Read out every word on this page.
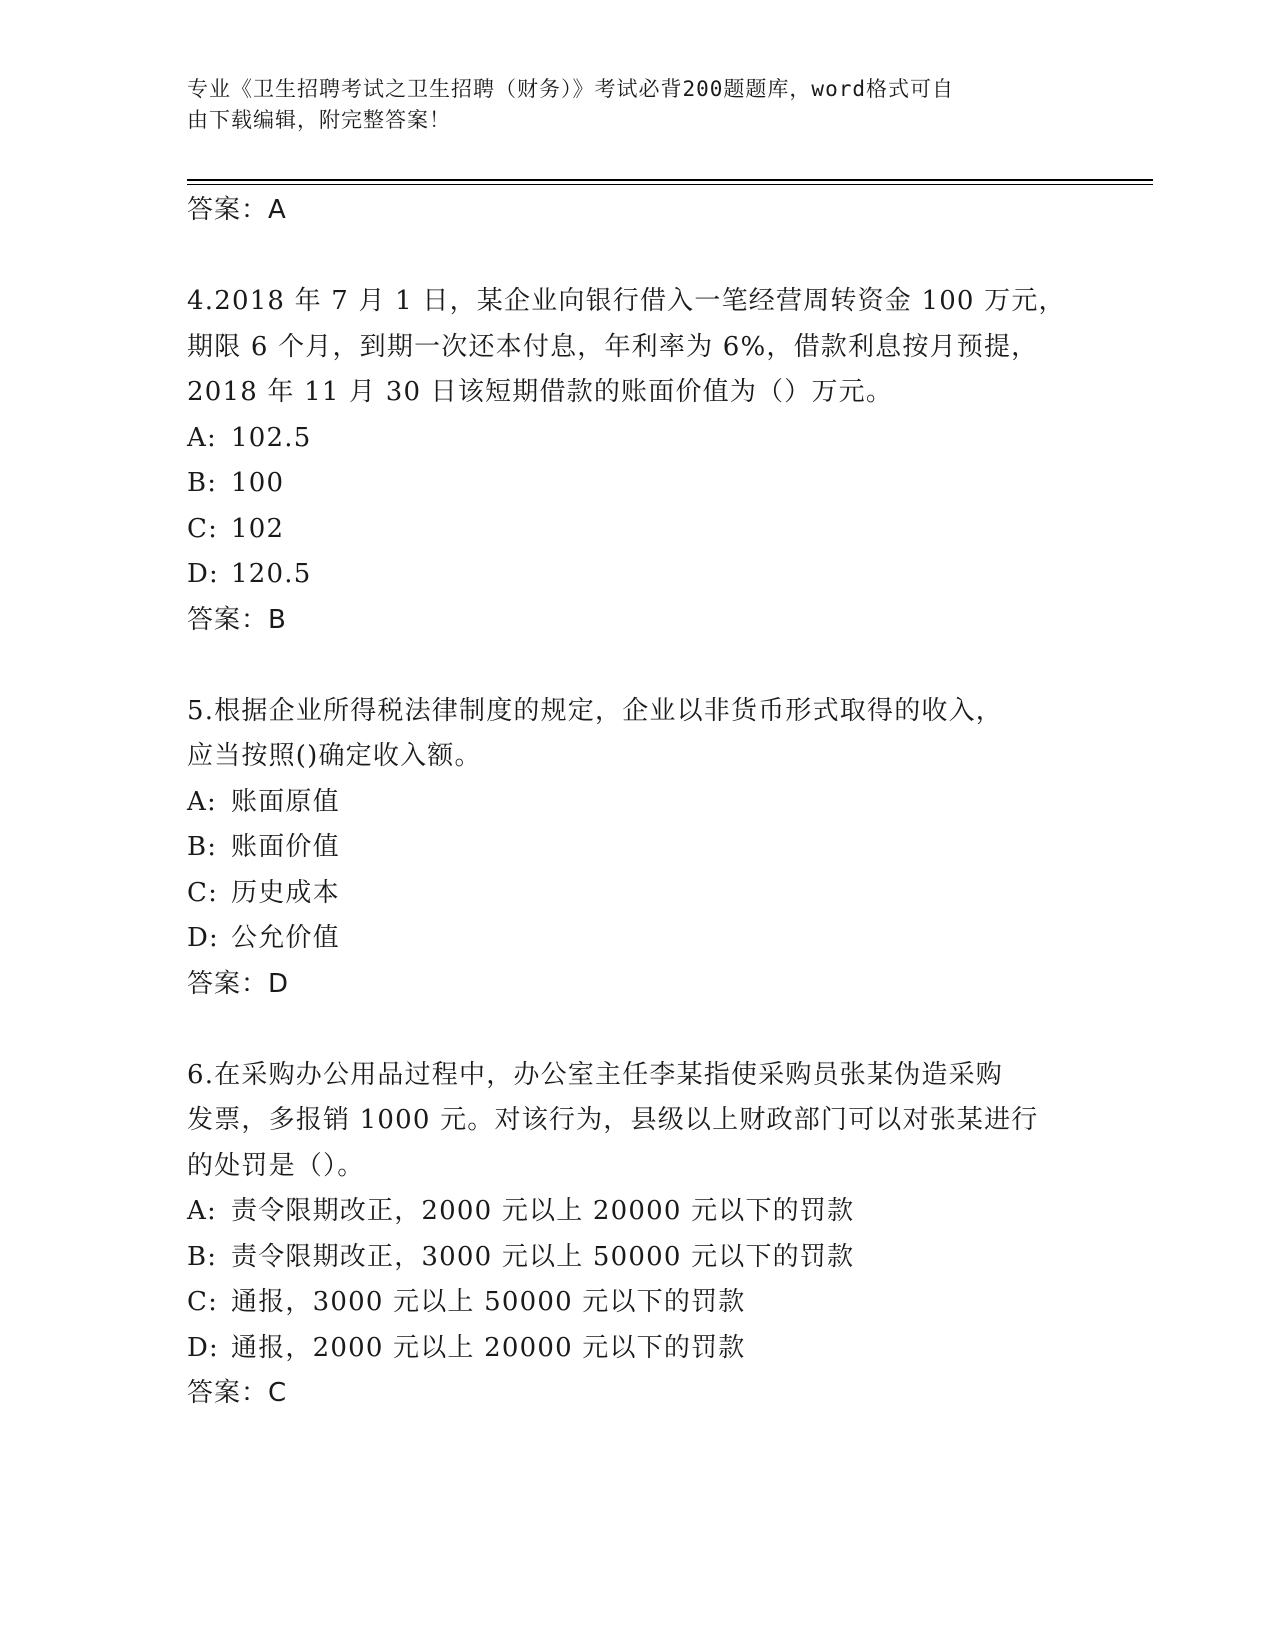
专业《卫生招聘考试之卫生招聘（财务）》考试必背200题题库，word格式可自
由下载编辑，附完整答案！
答案：A
4.2018 年 7 月 1 日，某企业向银行借入一笔经营周转资金 100 万元，
期限 6 个月，到期一次还本付息，年利率为 6%，借款利息按月预提，
2018 年 11 月 30 日该短期借款的账面价值为（）万元。
A: 102.5
B: 100
C: 102
D: 120.5
答案：B
5.根据企业所得税法律制度的规定，企业以非货币形式取得的收入，
应当按照()确定收入额。
A: 账面原值
B: 账面价值
C: 历史成本
D: 公允价值
答案：D
6.在采购办公用品过程中，办公室主任李某指使采购员张某伪造采购
发票，多报销 1000 元。对该行为，县级以上财政部门可以对张某进行
的处罚是（）。
A: 责令限期改正，2000 元以上 20000 元以下的罚款
B: 责令限期改正，3000 元以上 50000 元以下的罚款
C: 通报，3000 元以上 50000 元以下的罚款
D: 通报，2000 元以上 20000 元以下的罚款
答案：C
